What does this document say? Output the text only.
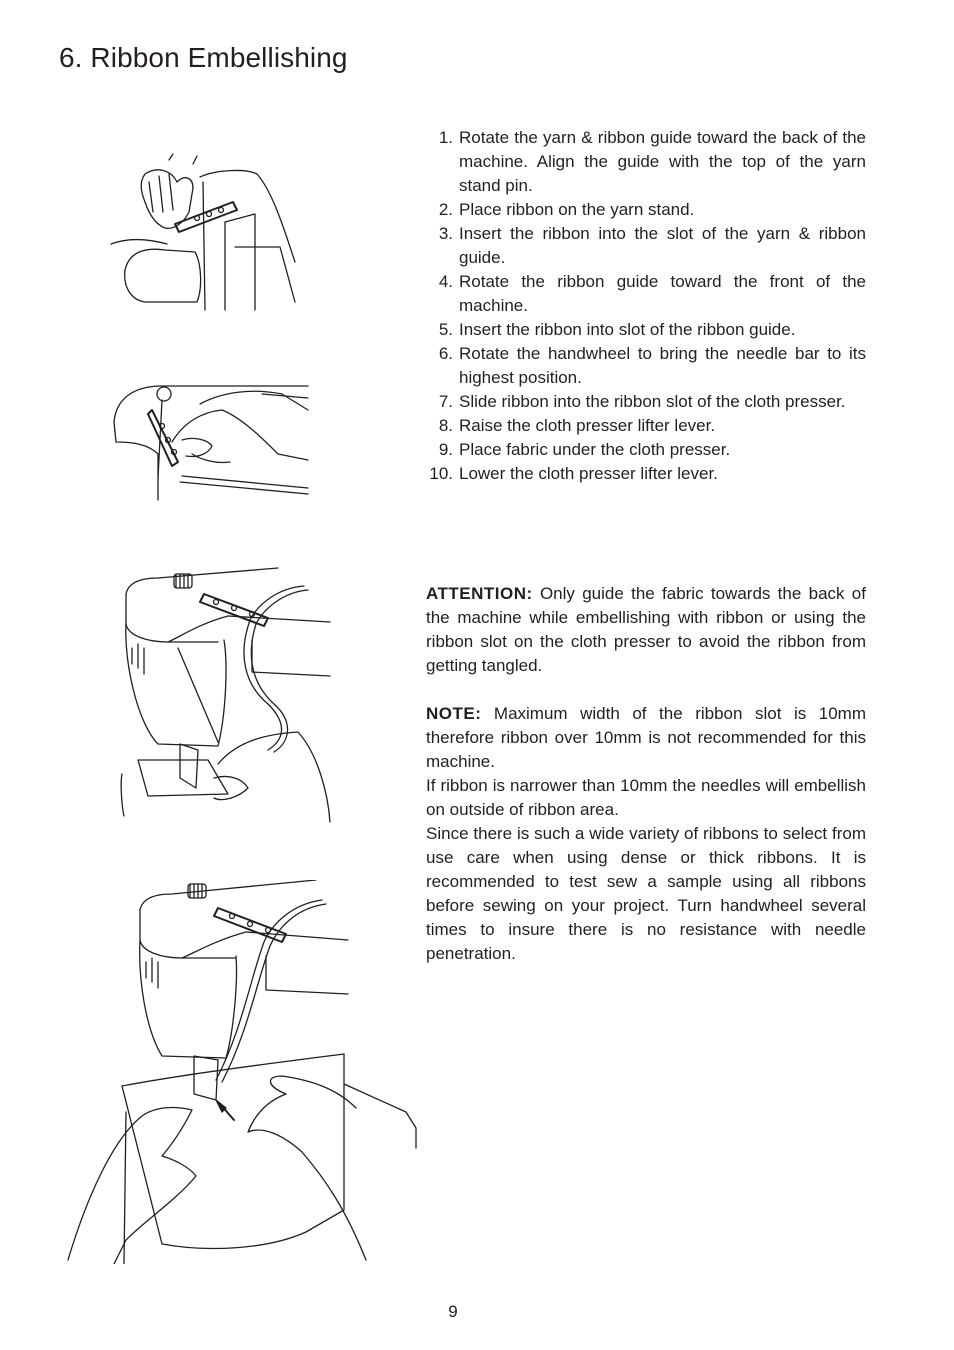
6. Ribbon Embellishing
1. Rotate the yarn & ribbon guide toward the back of the machine. Align the guide with the top of the yarn stand pin.
2. Place ribbon on the yarn stand.
3. Insert the ribbon into the slot of the yarn & ribbon guide.
4. Rotate the ribbon guide toward the front of the machine.
5. Insert the ribbon into slot of the ribbon guide.
6. Rotate the handwheel to bring the needle bar to its highest position.
7. Slide ribbon into the ribbon slot of the cloth presser.
8. Raise the cloth presser lifter lever.
9. Place fabric under the cloth presser.
10. Lower the cloth presser lifter lever.

ATTENTION: Only guide the fabric towards the back of the machine while embellishing with ribbon or using the ribbon slot on the cloth presser to avoid the ribbon from getting tangled.

NOTE: Maximum width of the ribbon slot is 10mm therefore ribbon over 10mm is not recommended for this machine.

If ribbon is narrower than 10mm the needles will embellish on outside of ribbon area.

Since there is such a wide variety of ribbons to select from use care when using dense or thick ribbons. It is recommended to test sew a sample using all ribbons before sewing on your project. Turn handwheel several times to insure there is no resistance with needle penetration.

9
